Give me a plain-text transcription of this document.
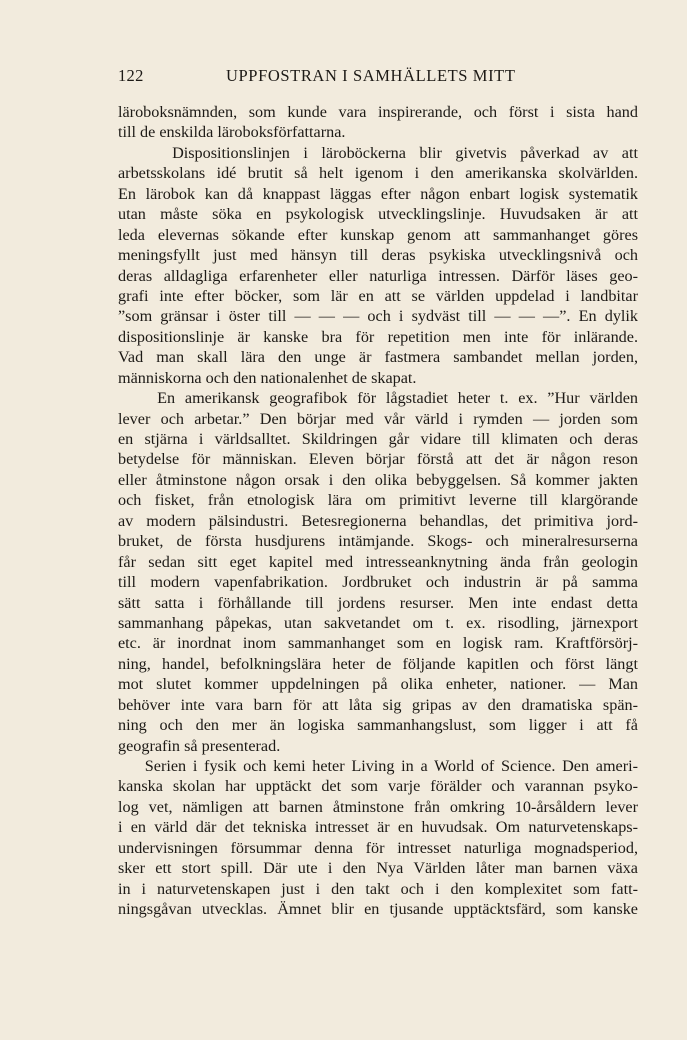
122	UPPFOSTRAN I SAMHÄLLETS MITT
läroboksnämnden, som kunde vara inspirerande, och först i sista hand
till de enskilda läroboksförfattarna.
Dispositionslinjen i läroböckerna blir givetvis påverkad av att
arbetsskolans idé brutit så helt igenom i den amerikanska skolvärlden.
En lärobok kan då knappast läggas efter någon enbart logisk systematik
utan måste söka en psykologisk utvecklingslinje. Huvudsaken är att
leda elevernas sökande efter kunskap genom att sammanhanget göres
meningsfyllt just med hänsyn till deras psykiska utvecklingsnivå och
deras alldagliga erfarenheter eller naturliga intressen. Därför läses geo-
grafi inte efter böcker, som lär en att se världen uppdelad i landbitar
”som gränsar i öster till — — — och i sydväst till — — —”. En dylik
dispositionslinje är kanske bra för repetition men inte för inlärande.
Vad man skall lära den unge är fastmera sambandet mellan jorden,
människorna och den nationalenhet de skapat.
En amerikansk geografibok för lågstadiet heter t. ex. ”Hur världen
lever och arbetar.” Den börjar med vår värld i rymden — jorden som
en stjärna i världsalltet. Skildringen går vidare till klimaten och deras
betydelse för människan. Eleven börjar förstå att det är någon reson
eller åtminstone någon orsak i den olika bebyggelsen. Så kommer jakten
och fisket, från etnologisk lära om primitivt leverne till klargörande
av modern pälsindustri. Betesregionerna behandlas, det primitiva jord-
bruket, de första husdjurens intämjande. Skogs- och mineralresurserna
får sedan sitt eget kapitel med intresseanknytning ända från geologin
till modern vapenfabrikation. Jordbruket och industrin är på samma
sätt satta i förhållande till jordens resurser. Men inte endast detta
sammanhang påpekas, utan sakvetandet om t. ex. risodling, järnexport
etc. är inordnat inom sammanhanget som en logisk ram. Kraftförsörj-
ning, handel, befolkningslära heter de följande kapitlen och först längt
mot slutet kommer uppdelningen på olika enheter, nationer. — Man
behöver inte vara barn för att låta sig gripas av den dramatiska spän-
ning och den mer än logiska sammanhangslust, som ligger i att få
geografin så presenterad.
Serien i fysik och kemi heter Living in a World of Science. Den ameri-
kanska skolan har upptäckt det som varje förälder och varannan psyko-
log vet, nämligen att barnen åtminstone från omkring 10-årsåldern lever
i en värld där det tekniska intresset är en huvudsak. Om naturvetenskaps-
undervisningen försummar denna för intresset naturliga mognadsperiod,
sker ett stort spill. Där ute i den Nya Världen låter man barnen växa
in i naturvetenskapen just i den takt och i den komplexitet som fatt-
ningsgåvan utvecklas. Ämnet blir en tjusande upptäcktsfärd, som kanske
